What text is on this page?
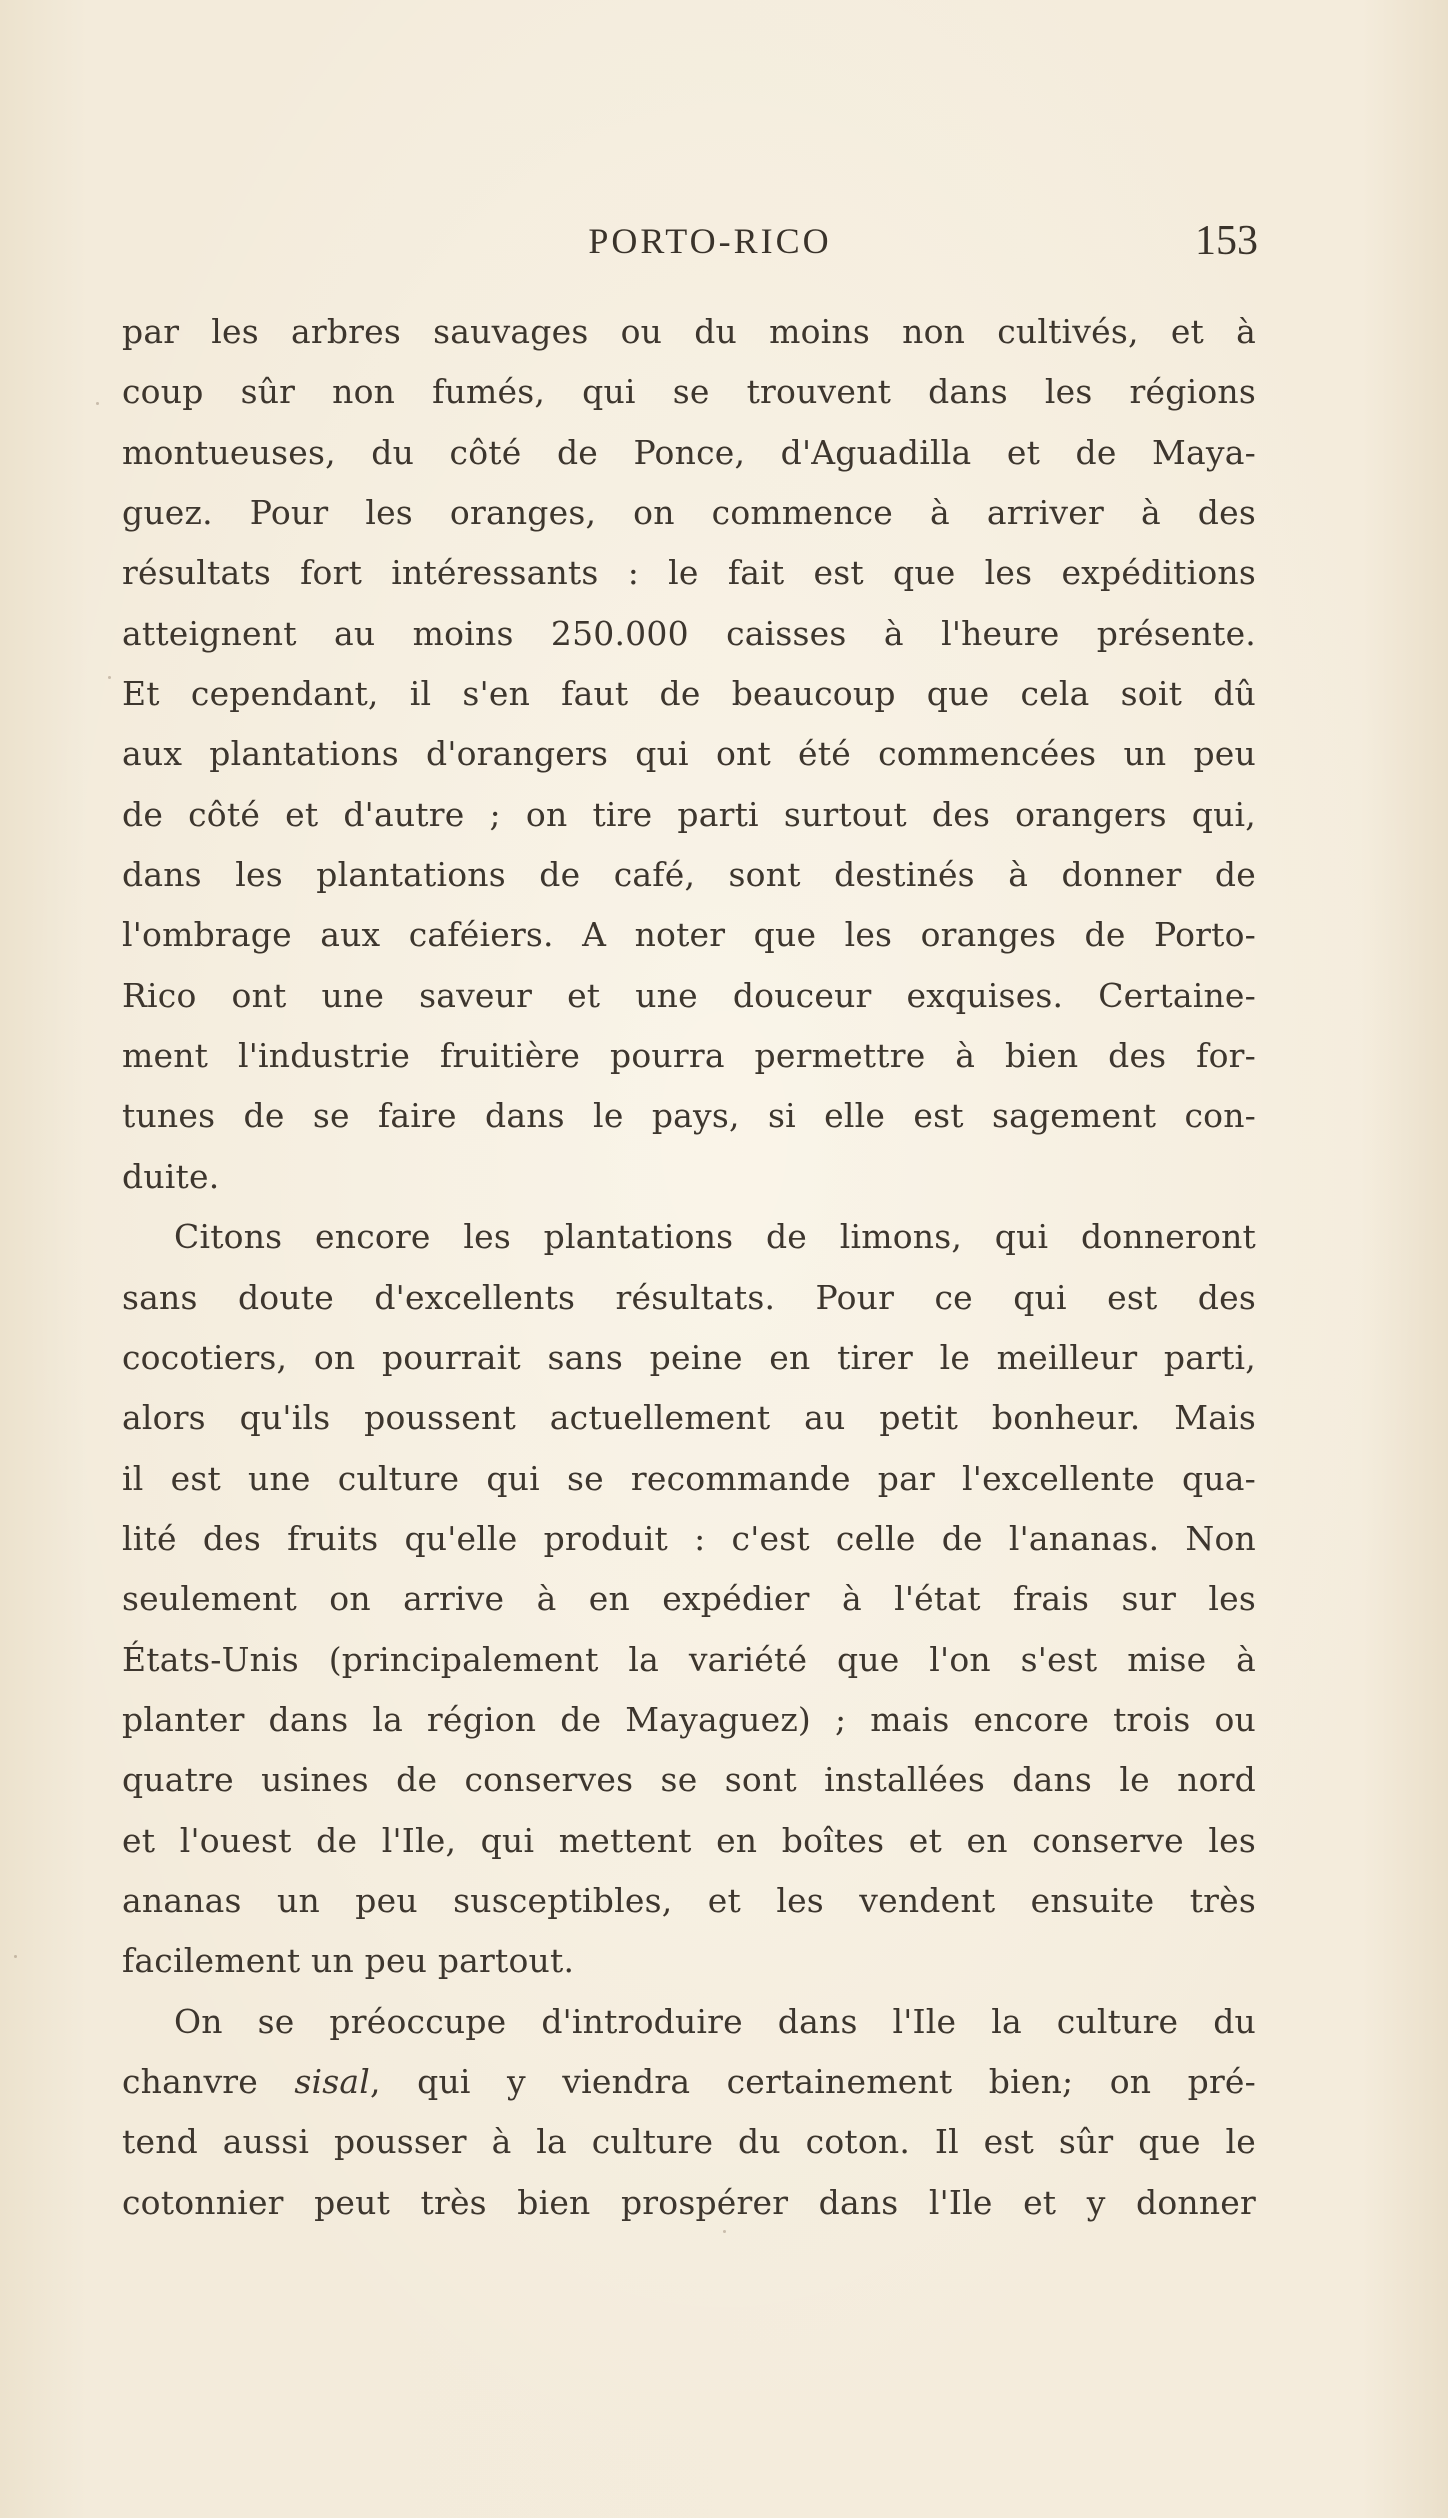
PORTO-RICO	153
par les arbres sauvages ou du moins non cultivés, et à
coup sûr non fumés, qui se trouvent dans les régions
montueuses, du côté de Ponce, d'Aguadilla et de Maya-
guez. Pour les oranges, on commence à arriver à des
résultats fort intéressants : le fait est que les expéditions
atteignent au moins 250.000 caisses à l'heure présente.
Et cependant, il s'en faut de beaucoup que cela soit dû
aux plantations d'orangers qui ont été commencées un peu
de côté et d'autre ; on tire parti surtout des orangers qui,
dans les plantations de café, sont destinés à donner de
l'ombrage aux caféiers. A noter que les oranges de Porto-
Rico ont une saveur et une douceur exquises. Certaine-
ment l'industrie fruitière pourra permettre à bien des for-
tunes de se faire dans le pays, si elle est sagement con-
duite.
Citons encore les plantations de limons, qui donneront
sans doute d'excellents résultats. Pour ce qui est des
cocotiers, on pourrait sans peine en tirer le meilleur parti,
alors qu'ils poussent actuellement au petit bonheur. Mais
il est une culture qui se recommande par l'excellente qua-
lité des fruits qu'elle produit : c'est celle de l'ananas. Non
seulement on arrive à en expédier à l'état frais sur les
États-Unis (principalement la variété que l'on s'est mise à
planter dans la région de Mayaguez) ; mais encore trois ou
quatre usines de conserves se sont installées dans le nord
et l'ouest de l'Ile, qui mettent en boîtes et en conserve les
ananas un peu susceptibles, et les vendent ensuite très
facilement un peu partout.
On se préoccupe d'introduire dans l'Ile la culture du
chanvre sisal, qui y viendra certainement bien; on pré-
tend aussi pousser à la culture du coton. Il est sûr que le
cotonnier peut très bien prospérer dans l'Ile et y donner
